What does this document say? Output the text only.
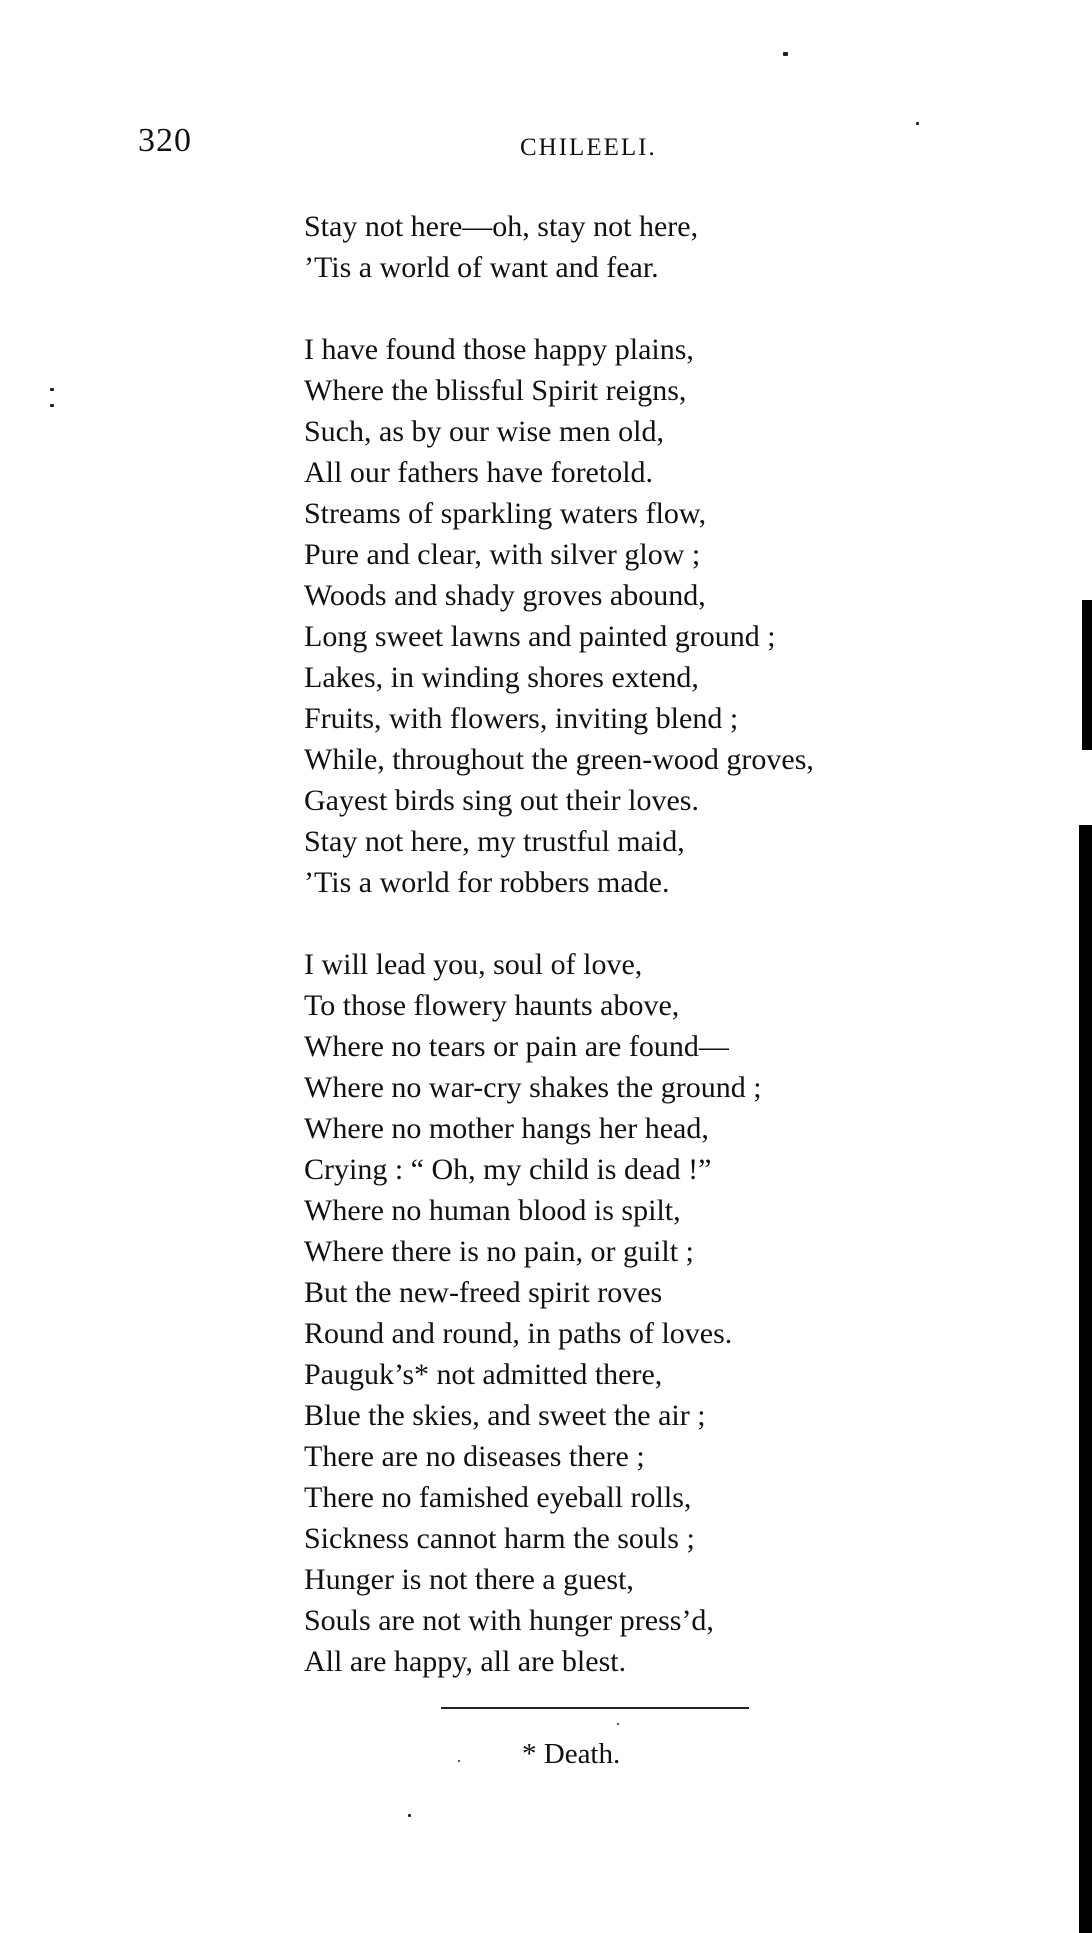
320	CHILEELI.
Stay not here—oh, stay not here,
’Tis a world of want and fear.
I have found those happy plains,
Where the blissful Spirit reigns,
Such, as by our wise men old,
All our fathers have foretold.
Streams of sparkling waters flow,
Pure and clear, with silver glow ;
Woods and shady groves abound,
Long sweet lawns and painted ground ;
Lakes, in winding shores extend,
Fruits, with flowers, inviting blend ;
While, throughout the green-wood groves,
Gayest birds sing out their loves.
Stay not here, my trustful maid,
’Tis a world for robbers made.
I will lead you, soul of love,
To those flowery haunts above,
Where no tears or pain are found—
Where no war-cry shakes the ground ;
Where no mother hangs her head,
Crying : “ Oh, my child is dead !”
Where no human blood is spilt,
Where there is no pain, or guilt ;
But the new-freed spirit roves
Round and round, in paths of loves.
Pauguk’s* not admitted there,
Blue the skies, and sweet the air ;
There are no diseases there ;
There no famished eyeball rolls,
Sickness cannot harm the souls ;
Hunger is not there a guest,
Souls are not with hunger press’d,
All are happy, all are blest.
* Death.
